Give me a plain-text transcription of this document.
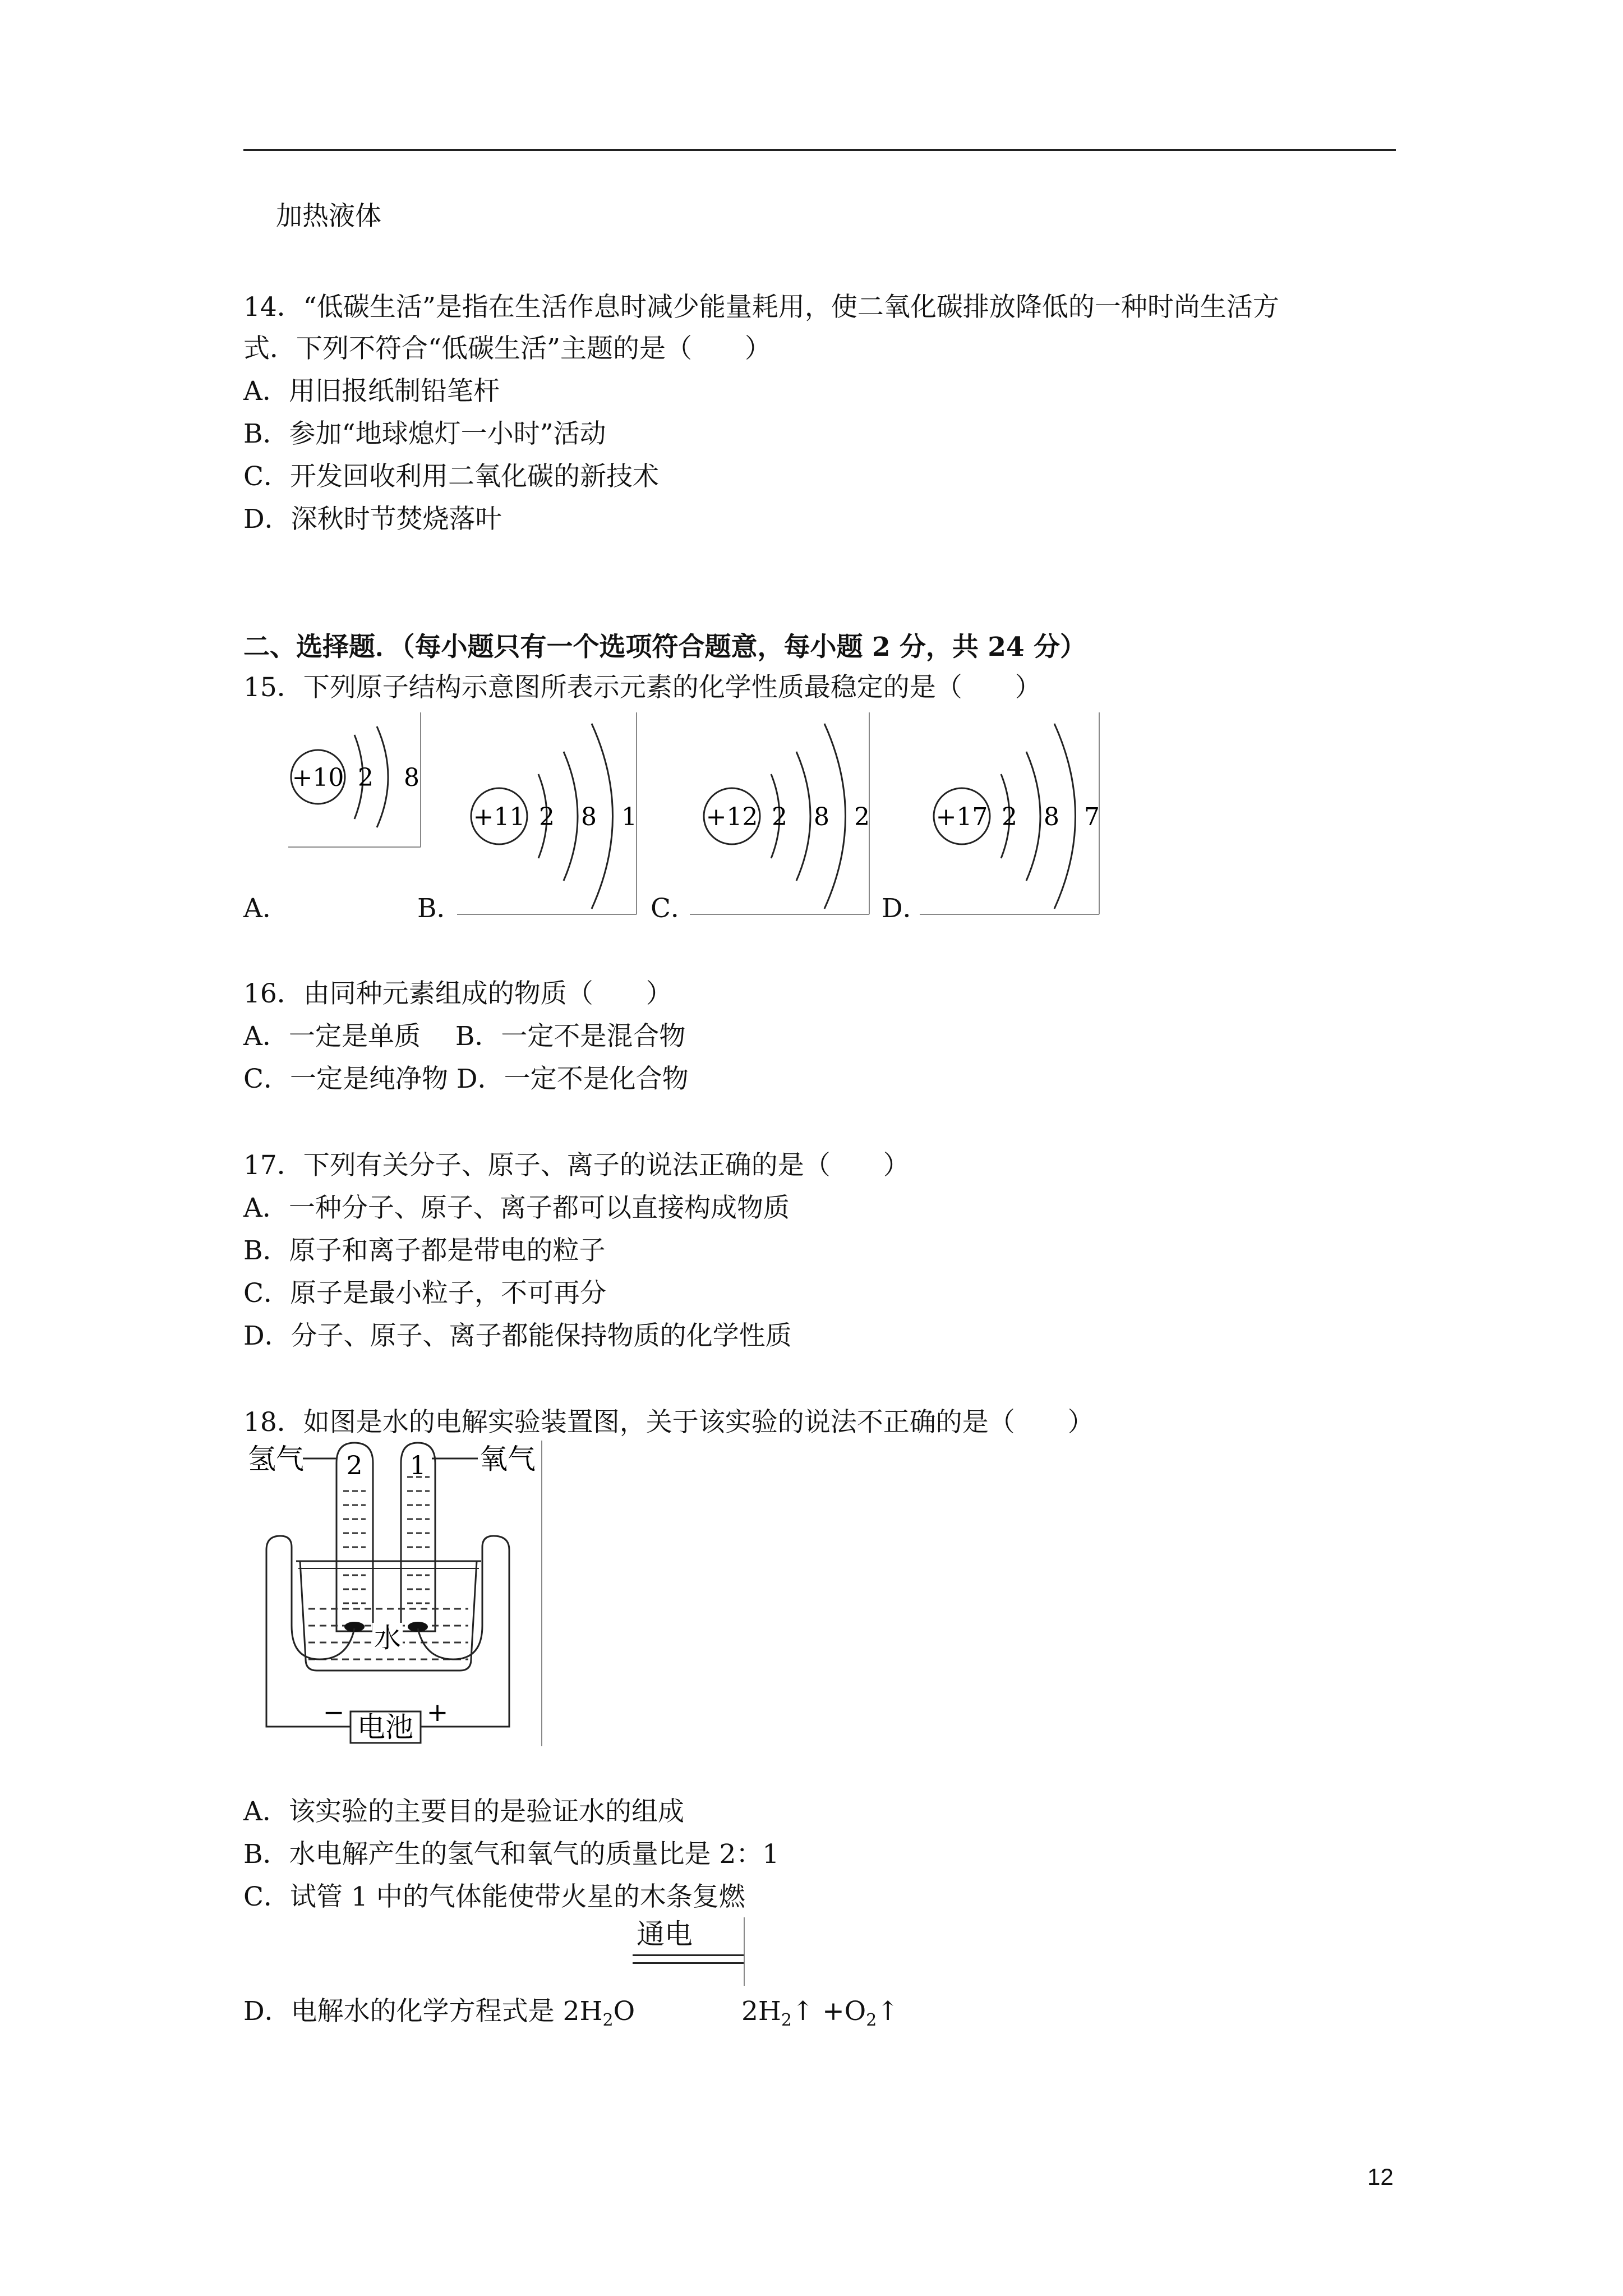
加热液体
14．“低碳生活”是指在生活作息时减少能量耗用，使二氧化碳排放降低的一种时尚生活方
式．下列不符合“低碳生活”主题的是（　　）
A．用旧报纸制铅笔杆
B．参加“地球熄灯一小时”活动
C．开发回收利用二氧化碳的新技术
D．深秋时节焚烧落叶
二、选择题．（每小题只有一个选项符合题意，每小题 2 分，共 24 分）
15．下列原子结构示意图所表示元素的化学性质最稳定的是（　　）
+10 2 8
A．
+11 2 8 1
B．
+12 2 8 2
C．
+17 2 8 7
D．
16．由同种元素组成的物质（　　）
A．一定是单质　 B．一定不是混合物
C．一定是纯净物 D．一定不是化合物
17．下列有关分子、原子、离子的说法正确的是（　　）
A．一种分子、原子、离子都可以直接构成物质
B．原子和离子都是带电的粒子
C．原子是最小粒子，不可再分
D．分子、原子、离子都能保持物质的化学性质
18．如图是水的电解实验装置图，关于该实验的说法不正确的是（　　）
氢气	氧气
2 1
水
电池
−	+
A．该实验的主要目的是验证水的组成
B．水电解产生的氢气和氧气的质量比是 2：1
C．试管 1 中的气体能使带火星的木条复燃
通电
D．电解水的化学方程式是 $2H_2O$	$2H_2↑$ $+O_2↑$
12
